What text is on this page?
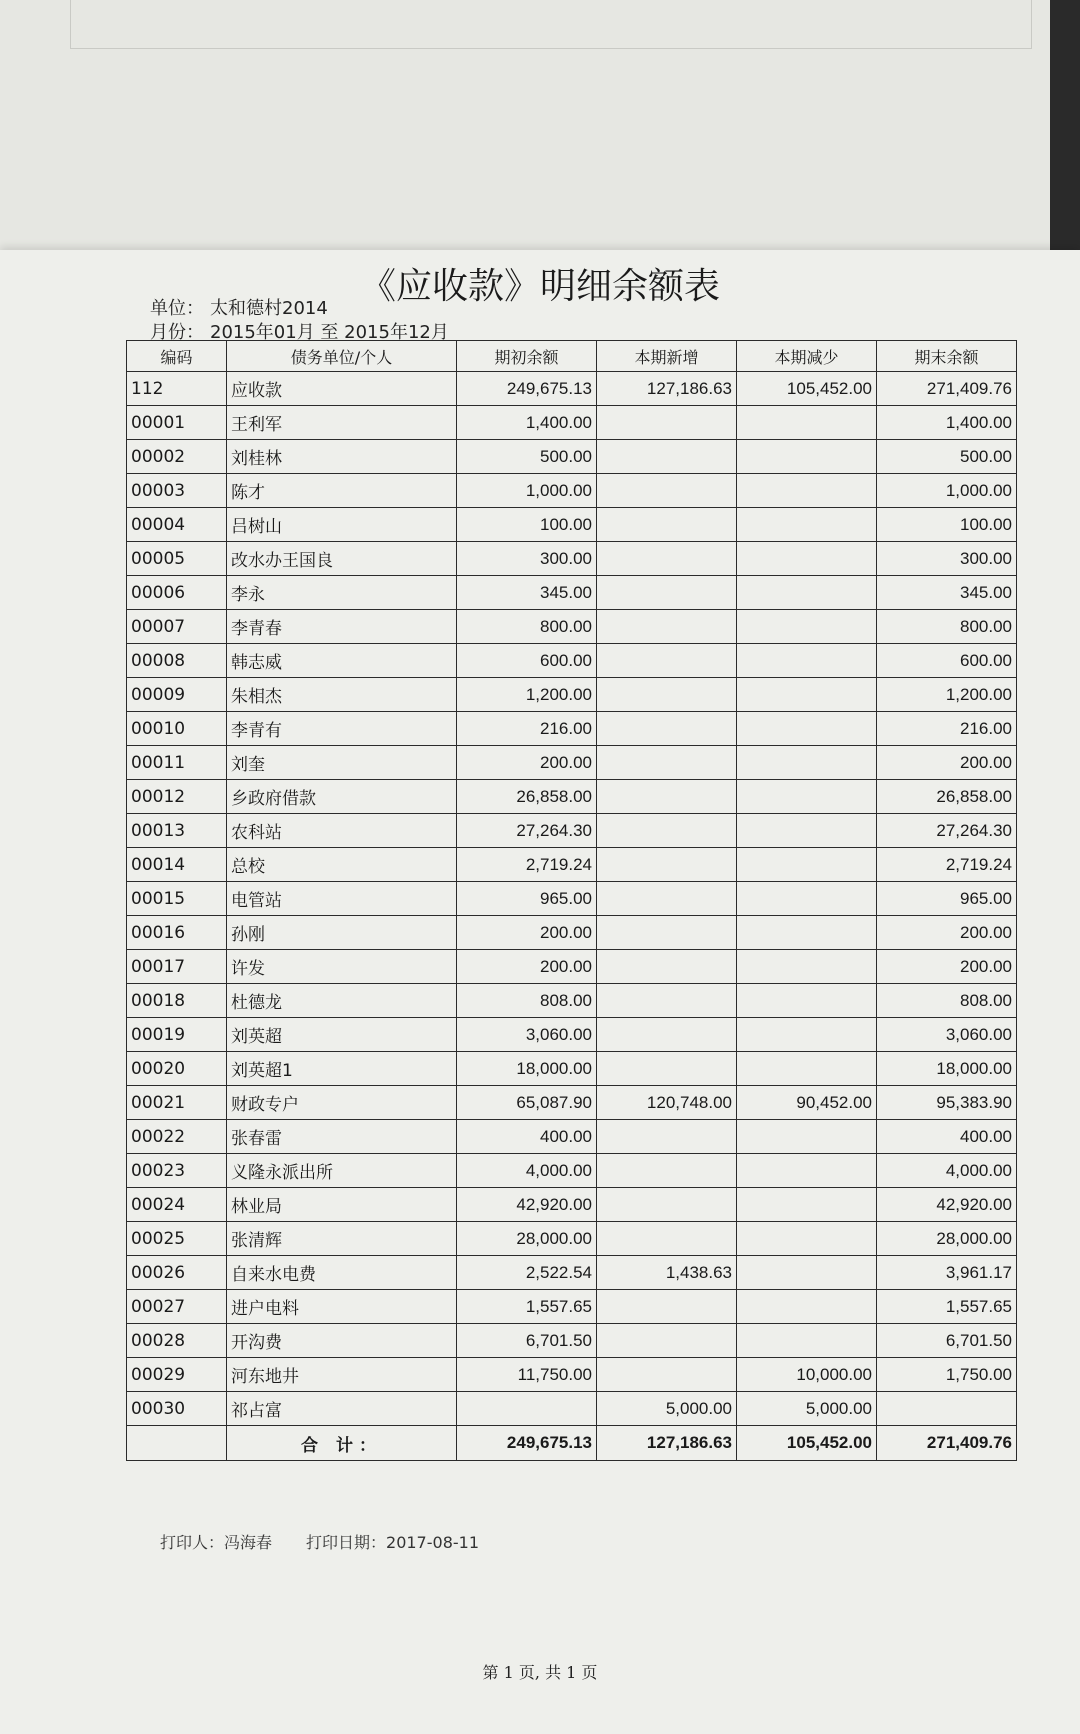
《应收款》明细余额表
单位： 太和德村2014
月份： 2015年01月 至 2015年12月
编码	债务单位/个人	期初余额	本期新增	本期减少	期末余额
112	应收款	249,675.13	127,186.63	105,452.00	271,409.76
00001	王利军	1,400.00			1,400.00
00002	刘桂林	500.00			500.00
00003	陈才	1,000.00			1,000.00
00004	吕树山	100.00			100.00
00005	改水办王国良	300.00			300.00
00006	李永	345.00			345.00
00007	李青春	800.00			800.00
00008	韩志威	600.00			600.00
00009	朱相杰	1,200.00			1,200.00
00010	李青有	216.00			216.00
00011	刘奎	200.00			200.00
00012	乡政府借款	26,858.00			26,858.00
00013	农科站	27,264.30			27,264.30
00014	总校	2,719.24			2,719.24
00015	电管站	965.00			965.00
00016	孙刚	200.00			200.00
00017	许发	200.00			200.00
00018	杜德龙	808.00			808.00
00019	刘英超	3,060.00			3,060.00
00020	刘英超1	18,000.00			18,000.00
00021	财政专户	65,087.90	120,748.00	90,452.00	95,383.90
00022	张春雷	400.00			400.00
00023	义隆永派出所	4,000.00			4,000.00
00024	林业局	42,920.00			42,920.00
00025	张清辉	28,000.00			28,000.00
00026	自来水电费	2,522.54	1,438.63		3,961.17
00027	进户电料	1,557.65			1,557.65
00028	开沟费	6,701.50			6,701.50
00029	河东地井	11,750.00		10,000.00	1,750.00
00030	祁占富		5,000.00	5,000.00	
	合 计：	249,675.13	127,186.63	105,452.00	271,409.76
打印人：冯海春 打印日期：2017-08-11
第 1 页, 共 1 页
